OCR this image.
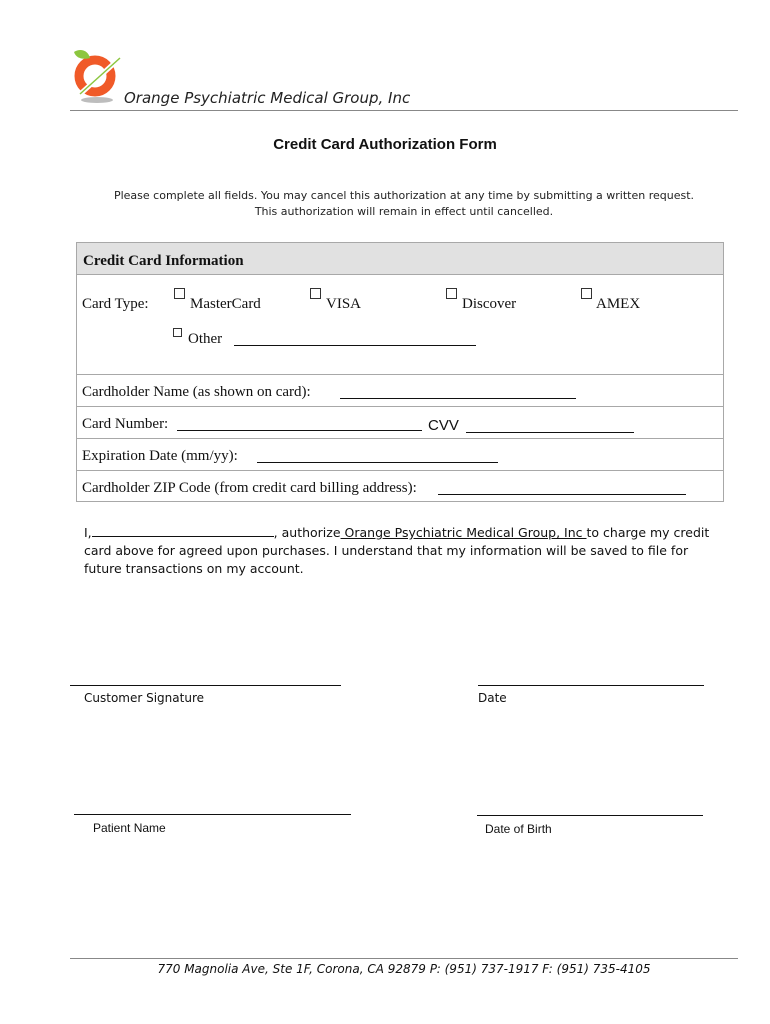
Orange Psychiatric Medical Group, Inc
Credit Card Authorization Form
Please complete all fields. You may cancel this authorization at any time by submitting a written request.
This authorization will remain in effect until cancelled.
Credit Card Information
Card Type:	MasterCard	VISA	Discover	AMEX
Other
Cardholder Name (as shown on card):
Card Number:	CVV
Expiration Date (mm/yy):
Cardholder ZIP Code (from credit card billing address):
I,	, authorize Orange Psychiatric Medical Group, Inc to charge my credit card above for agreed upon purchases. I understand that my information will be saved to file for future transactions on my account.
Customer Signature	Date
Patient Name	Date of Birth
770 Magnolia Ave, Ste 1F, Corona, CA 92879 P: (951) 737-1917 F: (951) 735-4105
